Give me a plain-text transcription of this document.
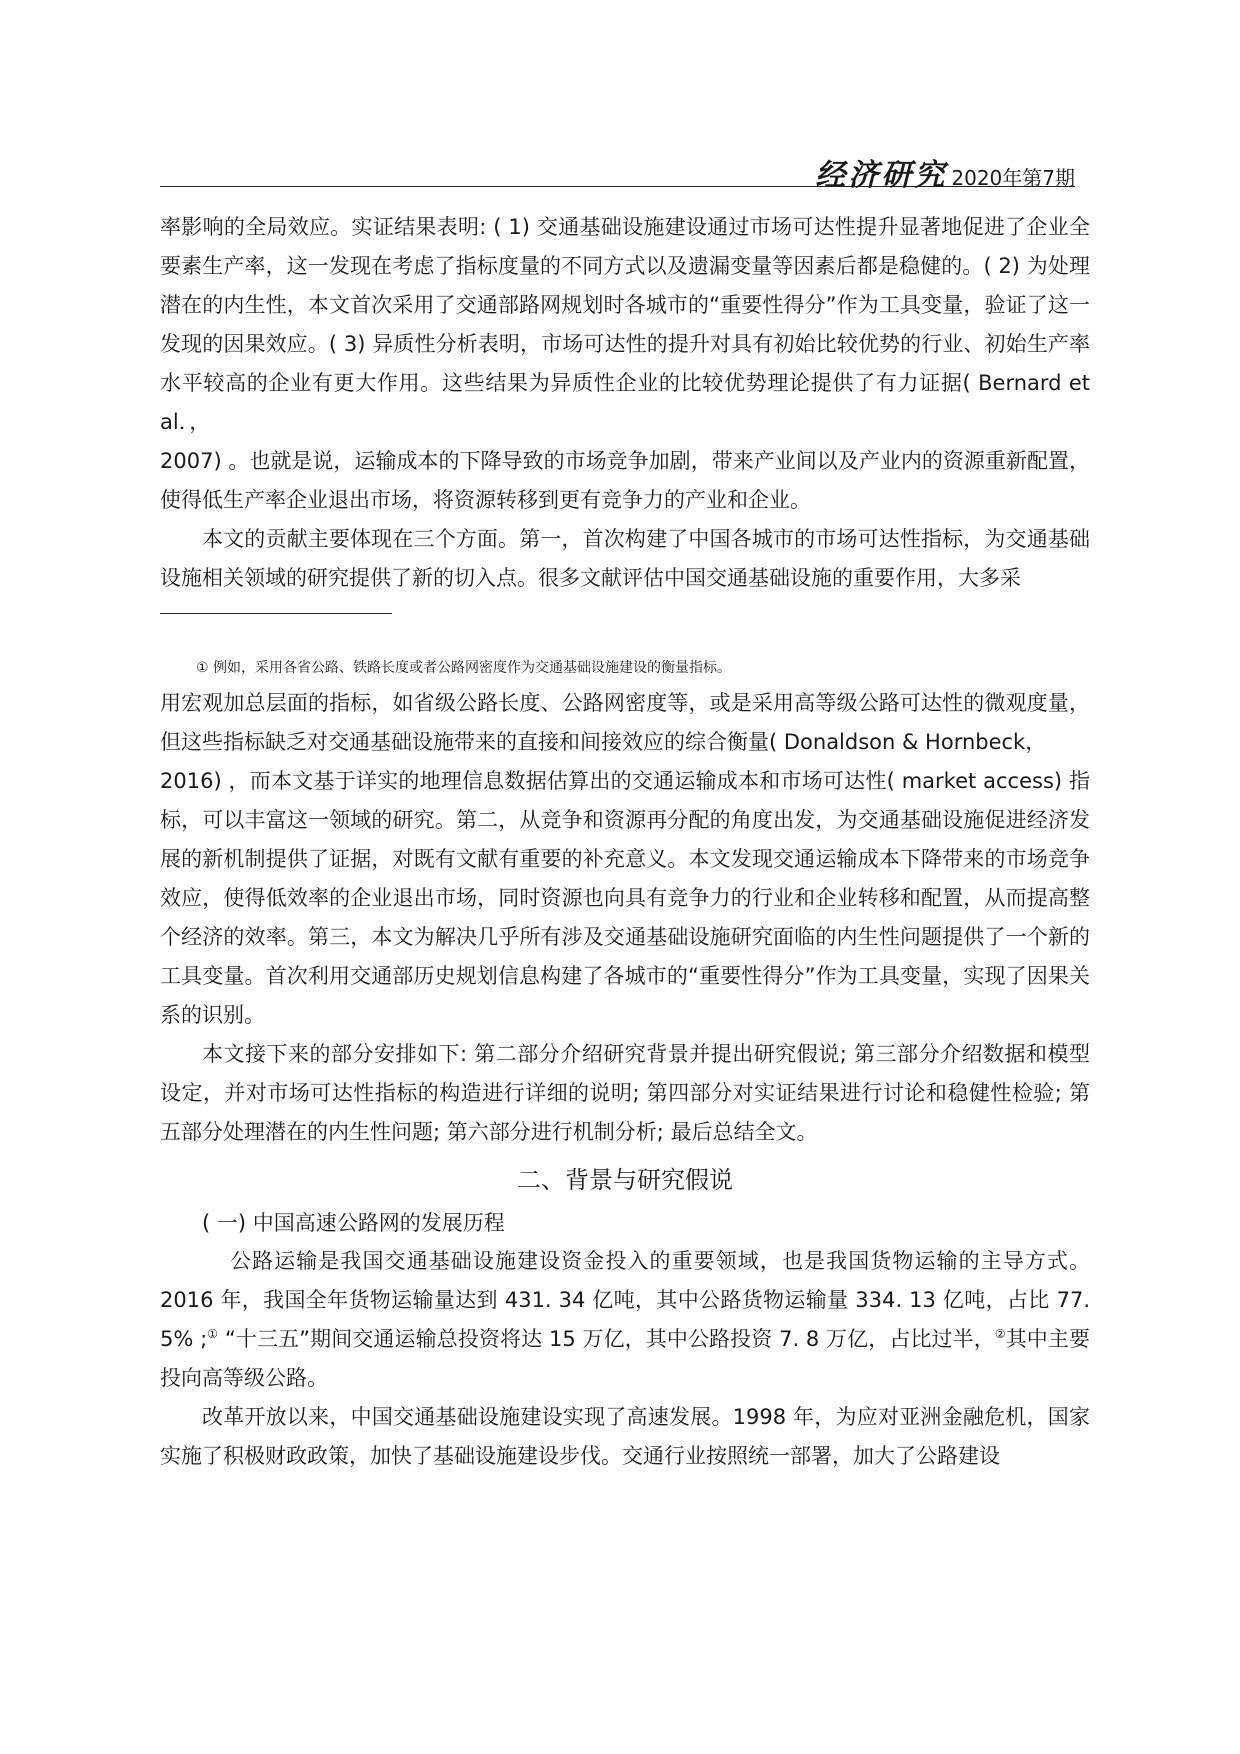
经济研究 2020年第7期

率影响的全局效应。实证结果表明: ( 1) 交通基础设施建设通过市场可达性提升显著地促进了企业全要素生产率，这一发现在考虑了指标度量的不同方式以及遗漏变量等因素后都是稳健的。( 2) 为处理潜在的内生性，本文首次采用了交通部路网规划时各城市的“重要性得分”作为工具变量，验证了这一发现的因果效应。( 3) 异质性分析表明，市场可达性的提升对具有初始比较优势的行业、初始生产率水平较高的企业有更大作用。这些结果为异质性企业的比较优势理论提供了有力证据( Bernard et al．，

2007) 。也就是说，运输成本的下降导致的市场竞争加剧，带来产业间以及产业内的资源重新配置，使得低生产率企业退出市场，将资源转移到更有竞争力的产业和企业。

本文的贡献主要体现在三个方面。第一，首次构建了中国各城市的市场可达性指标，为交通基础设施相关领域的研究提供了新的切入点。很多文献评估中国交通基础设施的重要作用，大多采

① 例如，采用各省公路、铁路长度或者公路网密度作为交通基础设施建设的衡量指标。

用宏观加总层面的指标，如省级公路长度、公路网密度等，或是采用高等级公路可达性的微观度量，但这些指标缺乏对交通基础设施带来的直接和间接效应的综合衡量( Donaldson & Hornbeck，

2016) ，而本文基于详实的地理信息数据估算出的交通运输成本和市场可达性( market access) 指标，可以丰富这一领域的研究。第二，从竞争和资源再分配的角度出发，为交通基础设施促进经济发展的新机制提供了证据，对既有文献有重要的补充意义。本文发现交通运输成本下降带来的市场竞争效应，使得低效率的企业退出市场，同时资源也向具有竞争力的行业和企业转移和配置，从而提高整个经济的效率。第三，本文为解决几乎所有涉及交通基础设施研究面临的内生性问题提供了一个新的工具变量。首次利用交通部历史规划信息构建了各城市的“重要性得分”作为工具变量，实现了因果关系的识别。

本文接下来的部分安排如下: 第二部分介绍研究背景并提出研究假说; 第三部分介绍数据和模型设定，并对市场可达性指标的构造进行详细的说明; 第四部分对实证结果进行讨论和稳健性检验; 第五部分处理潜在的内生性问题; 第六部分进行机制分析; 最后总结全文。

二、背景与研究假说
( 一) 中国高速公路网的发展历程

公路运输是我国交通基础设施建设资金投入的重要领域，也是我国货物运输的主导方式。 2016 年，我国全年货物运输量达到 431. 34 亿吨，其中公路货物运输量 334. 13 亿吨，占比 77. 5% ;① “十三五”期间交通运输总投资将达 15 万亿，其中公路投资 7. 8 万亿，占比过半，②其中主要投向高等级公路。

改革开放以来，中国交通基础设施建设实现了高速发展。1998 年，为应对亚洲金融危机，国家实施了积极财政政策，加快了基础设施建设步伐。交通行业按照统一部署，加大了公路建设
